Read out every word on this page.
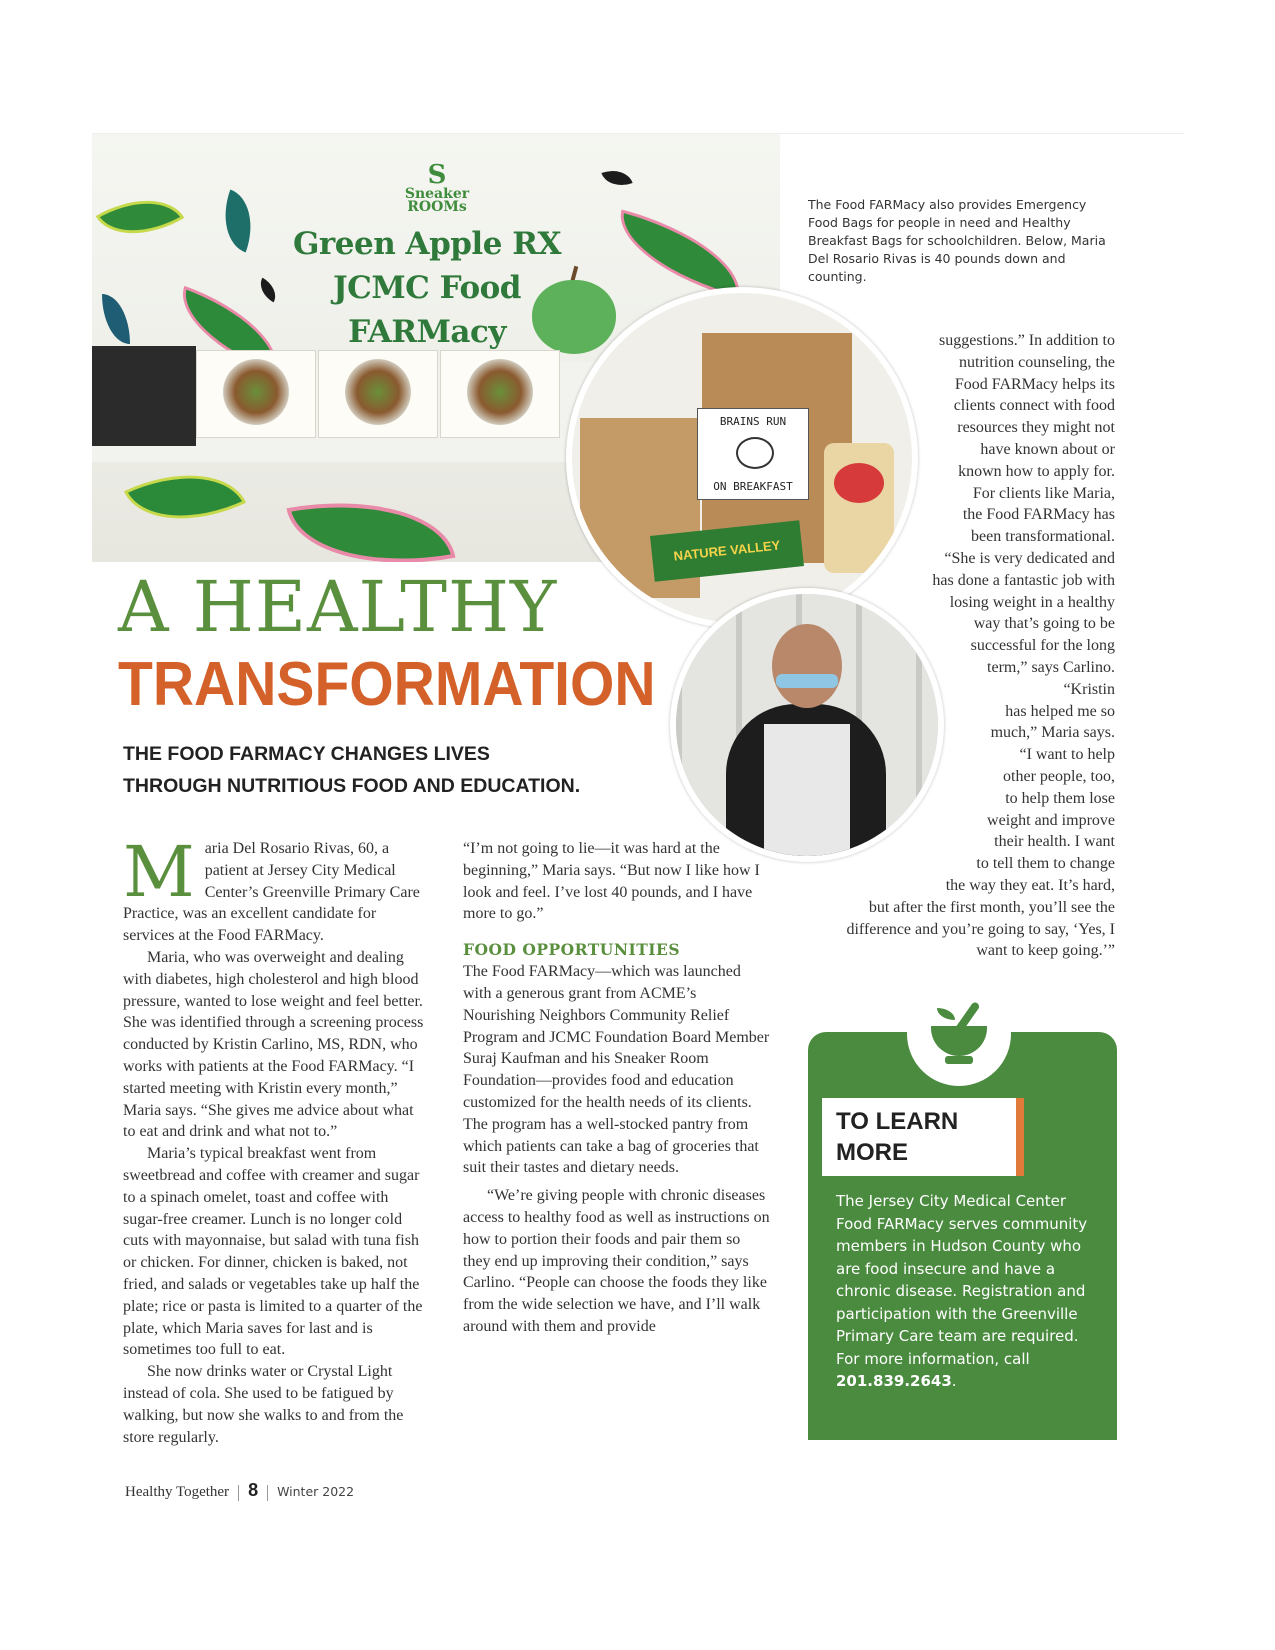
S
Sneaker
ROOMs
Green Apple RX
JCMC Food
FARMacy
BRAINS RUN
ON BREAKFAST
NATURE VALLEY
The Food FARMacy also provides Emergency Food Bags for people in need and Healthy Breakfast Bags for schoolchildren. Below, Maria Del Rosario Rivas is 40 pounds down and counting.
A HEALTHY
TRANSFORMATION
THE FOOD FARMACY CHANGES LIVES THROUGH NUTRITIOUS FOOD AND EDUCATION.

Maria Del Rosario Rivas, 60, a patient at Jersey City Medical Center’s Greenville Primary Care Practice, was an excellent candidate for services at the Food FARMacy.

Maria, who was overweight and dealing with diabetes, high cholesterol and high blood pressure, wanted to lose weight and feel better. She was identified through a screening process conducted by Kristin Carlino, MS, RDN, who works with patients at the Food FARMacy. “I started meeting with Kristin every month,” Maria says. “She gives me advice about what to eat and drink and what not to.”

Maria’s typical breakfast went from sweetbread and coffee with creamer and sugar to a spinach omelet, toast and coffee with sugar-free creamer. Lunch is no longer cold cuts with mayonnaise, but salad with tuna fish or chicken. For dinner, chicken is baked, not fried, and salads or vegetables take up half the plate; rice or pasta is limited to a quarter of the plate, which Maria saves for last and is sometimes too full to eat.

She now drinks water or Crystal Light instead of cola. She used to be fatigued by walking, but now she walks to and from the store regularly.

“I’m not going to lie—it was hard at the beginning,” Maria says. “But now I like how I look and feel. I’ve lost 40 pounds, and I have more to go.”

FOOD OPPORTUNITIES

The Food FARMacy—which was launched with a generous grant from ACME’s Nourishing Neighbors Community Relief Program and JCMC Foundation Board Member Suraj Kaufman and his Sneaker Room Foundation—provides food and education customized for the health needs of its clients. The program has a well-stocked pantry from which patients can take a bag of groceries that suit their tastes and dietary needs.

“We’re giving people with chronic diseases access to healthy food as well as instructions on how to portion their foods and pair them so they end up improving their condition,” says Carlino. “People can choose the foods they like from the wide selection we have, and I’ll walk around with them and provide

suggestions.” In addition to
nutrition counseling, the
Food FARMacy helps its
clients connect with food
resources they might not
have known about or
known how to apply for.
For clients like Maria,
the Food FARMacy has
been transformational.
“She is very dedicated and
has done a fantastic job with
losing weight in a healthy
way that’s going to be
successful for the long
term,” says Carlino.
“Kristin
has helped me so
much,” Maria says.
“I want to help
other people, too,
to help them lose
weight and improve
their health. I want
to tell them to change
the way they eat. It’s hard,
but after the first month, you’ll see the
difference and you’re going to say, ‘Yes, I
want to keep going.’”
TO LEARN
MORE
The Jersey City Medical Center Food FARMacy serves community members in Hudson County who are food insecure and have a chronic disease. Registration and participation with the Greenville Primary Care team are required. For more information, call 201.839.2643.
Healthy Together 8 Winter 2022
